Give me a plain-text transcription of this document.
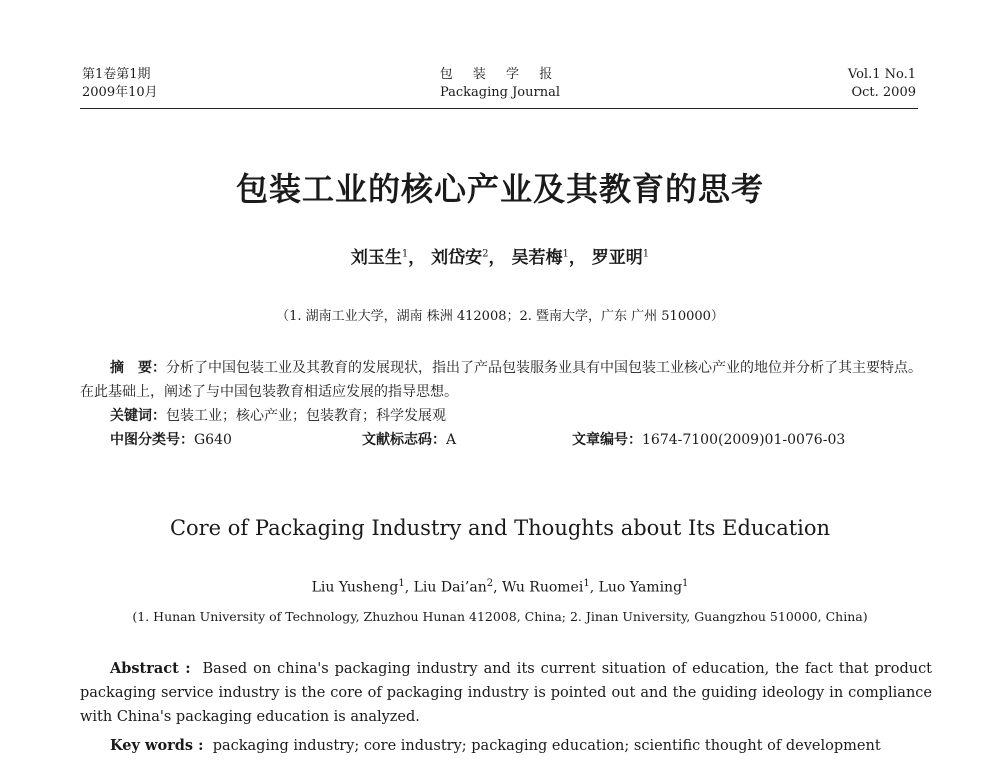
第1卷第1期
2009年10月
包 装 学 报
Packaging Journal
Vol.1 No.1
Oct. 2009
包装工业的核心产业及其教育的思考
刘玉生$^1$， 刘岱安$^2$， 吴若梅$^1$， 罗亚明$^1$
（1. 湖南工业大学，湖南 株洲 412008；2. 暨南大学，广东 广州 510000）
摘　要：分析了中国包装工业及其教育的发展现状，指出了产品包装服务业具有中国包装工业核心产业的地位并分析了其主要特点。在此基础上，阐述了与中国包装教育相适应发展的指导思想。
关键词：包装工业；核心产业；包装教育；科学发展观
中图分类号：G640	文献标志码：A	文章编号：1674-7100(2009)01-0076-03
Core of Packaging Industry and Thoughts about Its Education
Liu Yusheng$^1$, Liu $Dai’an^2$, Wu Ruomei$^1$, Luo Yaming$^1$
(1. Hunan University of Technology, Zhuzhou Hunan 412008, China; 2. Jinan University, Guangzhou 510000, China)
Abstract : Based on china's packaging industry and its current situation of education, the fact that product packaging service industry is the core of packaging industry is pointed out and the guiding ideology in compliance with China's packaging education is analyzed.
Key words : packaging industry; core industry; packaging education; scientific thought of development
